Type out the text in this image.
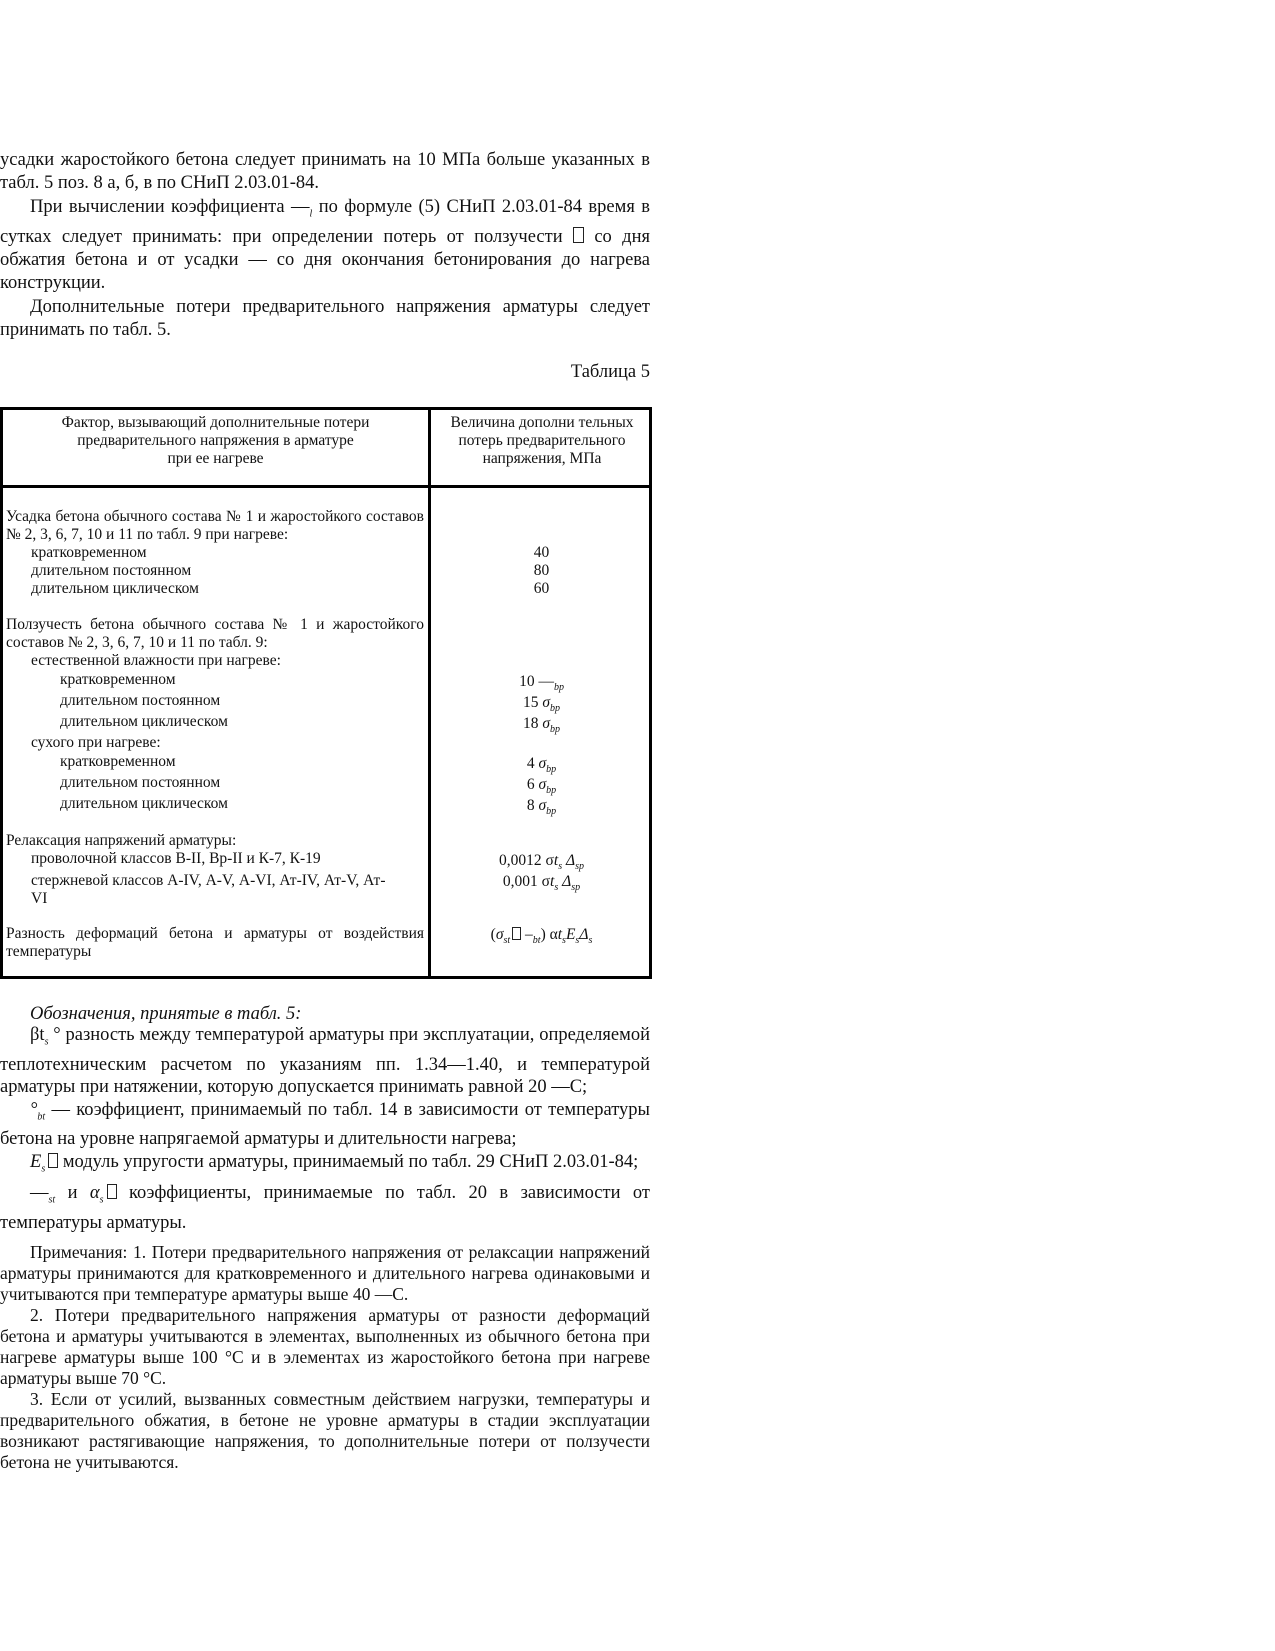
усадки жаростойкого бетона следует принимать на 10 МПа больше указанных в табл. 5 поз. 8 а, б, в по СНиП 2.03.01-84.

При вычислении коэффициента $—_l$ по формуле (5) СНиП 2.03.01-84 время в сутках следует принимать: при определении потерь от ползучести  со дня обжатия бетона и от усадки — со дня окончания бетонирования до нагрева конструкции.

Дополнительные потери предварительного напряжения арматуры следует принимать по табл. 5.

Таблица 5
Фактор, вызывающий дополнительные потери предварительного напряжения в арматуре
при ее нагреве
Величина дополни тельных потерь предварительного напряжения, МПа
Усадка бетона обычного состава № 1 и жаростойкого составов № 2, 3, 6, 7, 10 и 11 по табл. 9 при нагреве:
кратковременном
длительном постоянном
длительном циклическом
40
80
60
Ползучесть бетона обычного состава № 1 и жаростойкого составов № 2, 3, 6, 7, 10 и 11 по табл. 9:
естественной влажности при нагреве:
кратковременном
длительном постоянном
длительном циклическом
сухого при нагреве:
кратковременном
длительном постоянном
длительном циклическом
10 $—_{bp}$
15 $\sigma_{bp}$
18 $\sigma_{bp}$
4 $\sigma_{bp}$
6 $\sigma_{bp}$
8 $\sigma_{bp}$
Релаксация напряжений арматуры:
проволочной классов В-II, Вр-II и К-7, К-19
стержневой классов А-IV, А-V, А-VI, Ат-IV, Ат-V, Ат-VI
0,0012 $\sigma t_s$ $\Delta_{sp}$
0,001 $\sigma t_s$ $\Delta_{sp}$
Разность деформаций бетона и арматуры от воздействия температуры
($\sigma_{st}$ $-_{bt}$) $\alpha t_sE_s\Delta_s$

Обозначения, принятые в табл. 5:

$\beta t_s$ ° разность между температурой арматуры при эксплуатации, определяемой теплотехническим расчетом по указаниям пп. 1.34—1.40, и температурой арматуры при натяжении, которую допускается принимать равной 20 —С;

$^\circ_{bt}$ — коэффициент, принимаемый по табл. 14 в зависимости от температуры бетона на уровне напрягаемой арматуры и длительности нагрева;

$E_s$ модуль упругости арматуры, принимаемый по табл. 29 СНиП 2.03.01-84;

$—_{st}$ и $\alpha_s$ коэффициенты, принимаемые по табл. 20 в зависимости от температуры арматуры.

Примечания: 1. Потери предварительного напряжения от релаксации напряжений арматуры принимаются для кратковременного и длительного нагрева одинаковыми и учитываются при температуре арматуры выше 40 —С.

2. Потери предварительного напряжения арматуры от разности деформаций бетона и арматуры учитываются в элементах, выполненных из обычного бетона при нагреве арматуры выше 100 °С и в элементах из жаростойкого бетона при нагреве арматуры выше 70 °С.

3. Если от усилий, вызванных совместным действием нагрузки, температуры и предварительного обжатия, в бетоне не уровне арматуры в стадии эксплуатации возникают растягивающие напряжения, то дополнительные потери от ползучести бетона не учитываются.
